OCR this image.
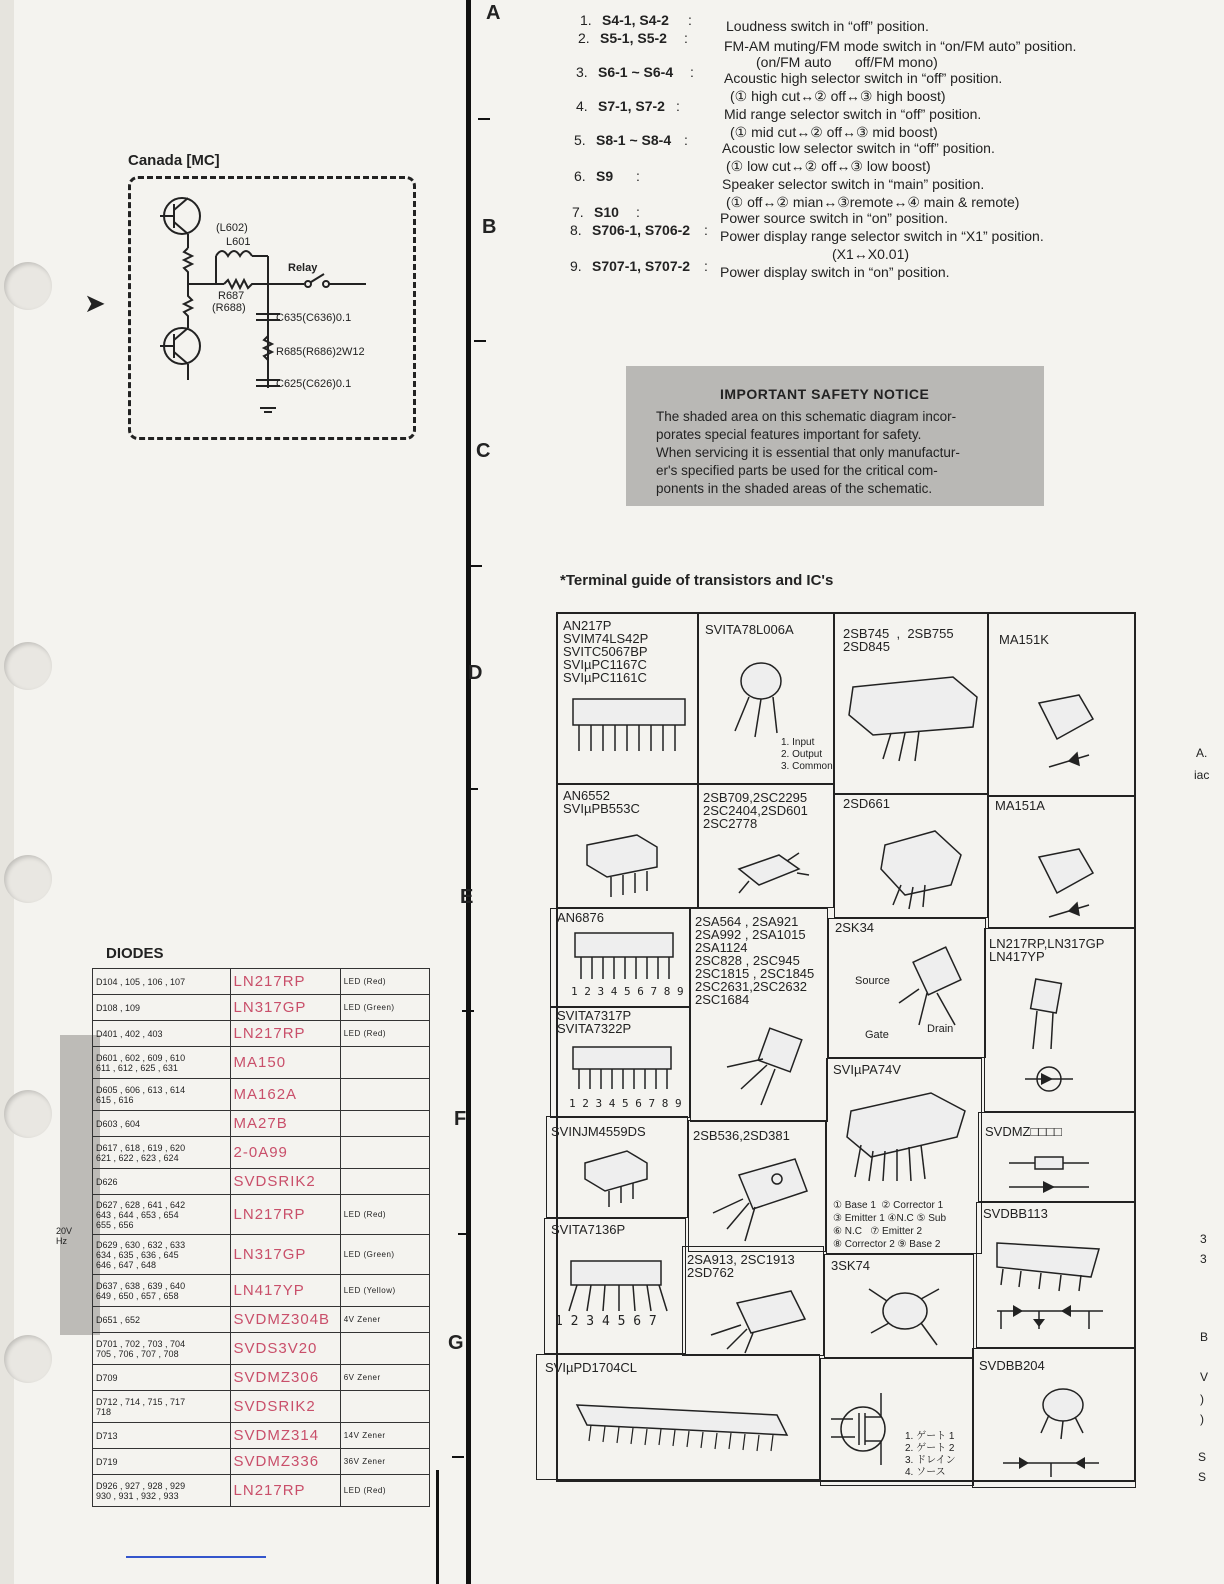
20V
Hz
A
B
C
D
E
F
G
A.
iac
3
3
B
V
)
)
S
S
➤
Canada [MC]
(L602)
L601
Relay
R687
(R688)
C635(C636)0.1
R685(R686)2W12
C625(C626)0.1
1. S4-1, S4-2 : Loudness switch in “off” position.
2. S5-1, S5-2 :	FM-AM muting/FM mode switch in “on/FM auto” position.
(on/FM auto      off/FM mono)
3. S6-1 ~ S6-4 : Acoustic high selector switch in “off” position.
(① high cut↔② off↔③ high boost)
4. S7-1, S7-2 :	Mid range selector switch in “off” position.
(① mid cut↔② off↔③ mid boost)
5. S8-1 ~ S8-4 : Acoustic low selector switch in “off” position.
(① low cut↔② off↔③ low boost)
6. S9 :	Speaker selector switch in “main” position.
(① off↔② mian↔③remote↔④ main & remote)
7. S10 :	Power source switch in “on” position.
8. S706-1, S706-2 : Power display range selector switch in “X1” position.
(X1↔X0.01)
9. S707-1, S707-2 : Power display switch in “on” position.
IMPORTANT SAFETY NOTICE
The shaded area on this schematic diagram incor-
porates special features important for safety.
When servicing it is essential that only manufactur-
er's specified parts be used for the critical com-
ponents in the shaded areas of the schematic.
*Terminal guide of transistors and IC's
AN217P
SVIM74LS42P
SVITC5067BP
SVIµPC1167C
SVIµPC1161C
SVITA78L006A
1. Input
2. Output
3. Common
2SB745  ,  2SB755
2SD845	MA151K
AN6552
SVIµPB553C
2SB709,2SC2295
2SC2404,2SD601
2SC2778
2SD661	MA151A
AN6876
1 2 3 4 5 6 7 8 9
2SA564 , 2SA921
2SA992 , 2SA1015
2SA1124
2SC828 , 2SC945
2SC1815 , 2SC1845
2SC2631,2SC2632
2SC1684
2SK34
Source
Gate	Drain
LN217RP,LN317GP
LN417YP
SVITA7317P
SVITA7322P
1 2 3 4 5 6 7 8 9
SVIµPA74V
① Base 1  ② Corrector 1
③ Emitter 1 ④N.C ⑤ Sub
⑥ N.C   ⑦ Emitter 2
⑧ Corrector 2 ⑨ Base 2
SVDMZ□□□□
SVINJM4559DS	2SB536,2SD381
SVDBB113
SVITA7136P
1 2 3 4 5 6 7
2SA913, 2SC1913
2SD762	3SK74
SVDBB204
SVIµPD1704CL
1. ゲート 1
2. ゲート 2
3. ドレイン
4. ソース
DIODES
D104 , 105 , 106 , 107	LN217RP	LED (Red)
D108 , 109	LN317GP	LED (Green)
D401 , 402 , 403	LN217RP	LED (Red)
D601 , 602 , 609 , 610
611 , 612 , 625 , 631	MA150	
D605 , 606 , 613 , 614
615 , 616	MA162A	
D603 , 604	MA27B	
D617 , 618 , 619 , 620
621 , 622 , 623 , 624	2-0A99	
D626	SVDSRIK2	
D627 , 628 , 641 , 642
643 , 644 , 653 , 654
655 , 656	LN217RP	LED (Red)
D629 , 630 , 632 , 633
634 , 635 , 636 , 645
646 , 647 , 648	LN317GP	LED (Green)
D637 , 638 , 639 , 640
649 , 650 , 657 , 658	LN417YP	LED (Yellow)
D651 , 652	SVDMZ304B	4V Zener
D701 , 702 , 703 , 704
705 , 706 , 707 , 708	SVDS3V20	
D709	SVDMZ306	6V Zener
D712 , 714 , 715 , 717
718	SVDSRIK2	
D713	SVDMZ314	14V Zener
D719	SVDMZ336	36V Zener
D926 , 927 , 928 , 929
930 , 931 , 932 , 933	LN217RP	LED (Red)
